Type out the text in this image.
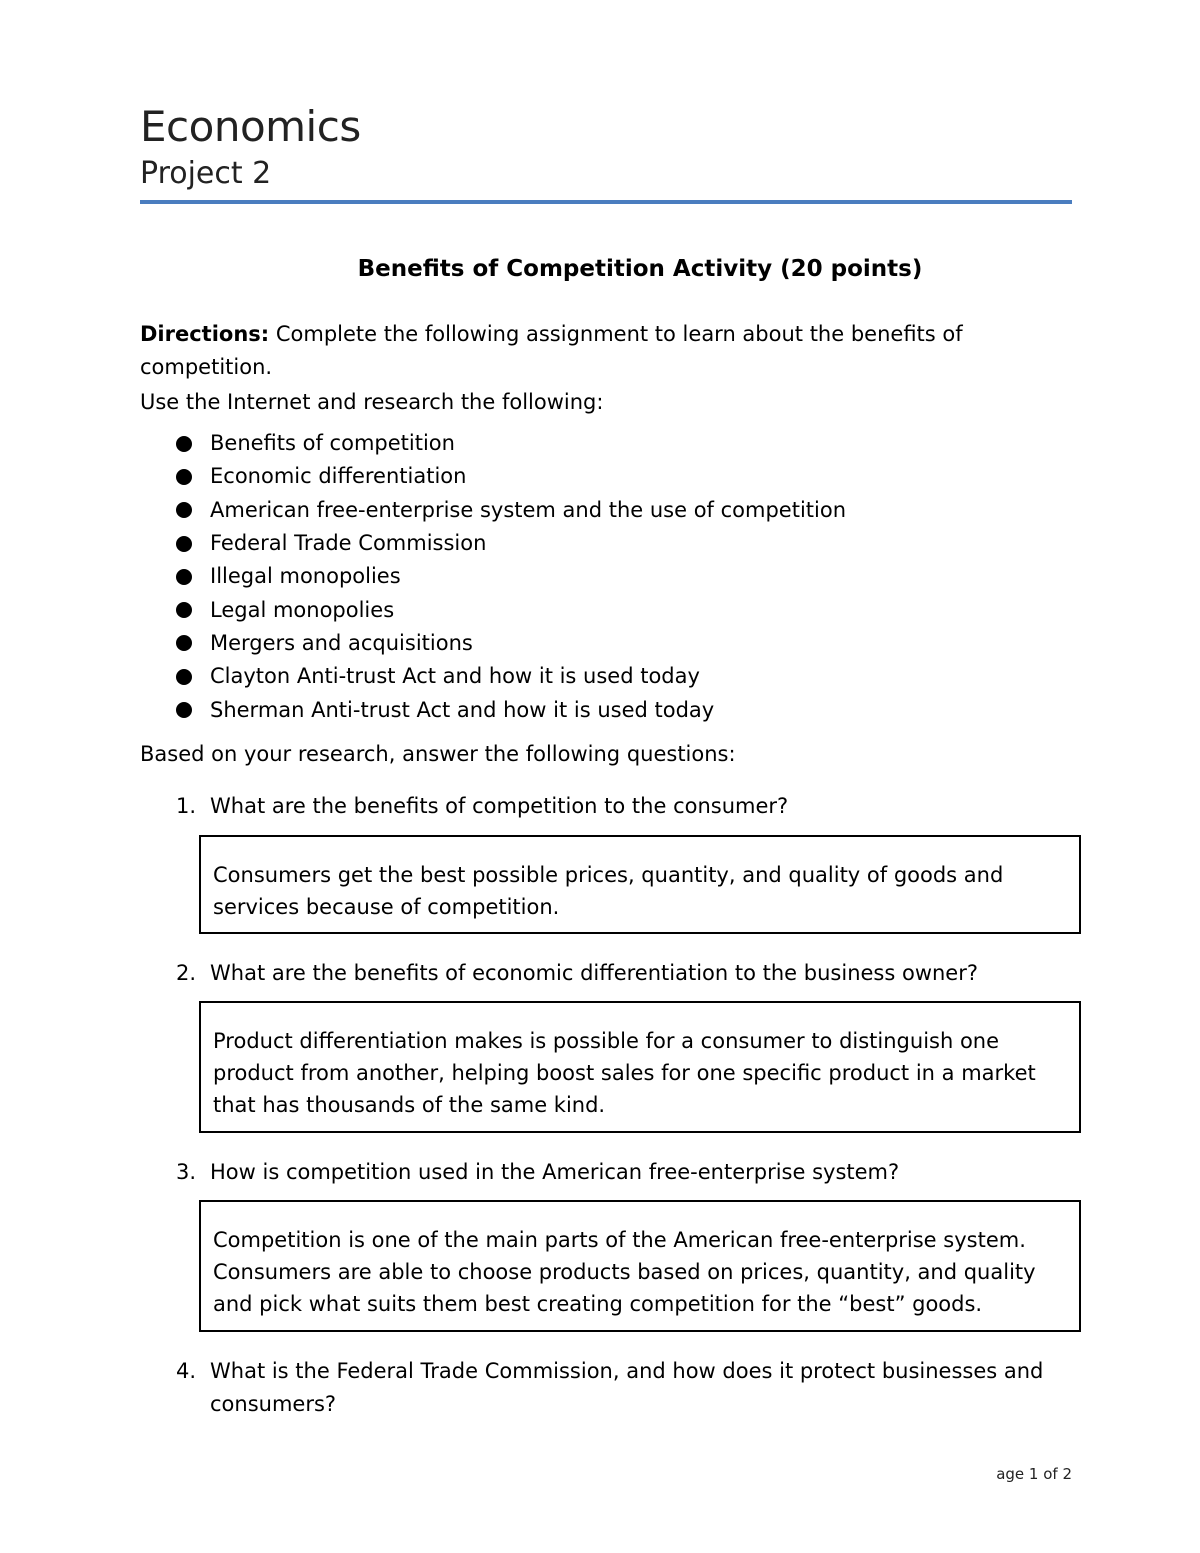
Economics
Project 2
Benefits of Competition Activity (20 points)
Directions: Complete the following assignment to learn about the benefits of competition.
Use the Internet and research the following:
Benefits of competition
Economic differentiation
American free-enterprise system and the use of competition
Federal Trade Commission
Illegal monopolies
Legal monopolies
Mergers and acquisitions
Clayton Anti-trust Act and how it is used today
Sherman Anti-trust Act and how it is used today
Based on your research, answer the following questions:
1. What are the benefits of competition to the consumer?
Consumers get the best possible prices, quantity, and quality of goods and services because of competition.
2. What are the benefits of economic differentiation to the business owner?
Product differentiation makes is possible for a consumer to distinguish one product from another, helping boost sales for one specific product in a market that has thousands of the same kind.
3. How is competition used in the American free-enterprise system?
Competition is one of the main parts of the American free-enterprise system. Consumers are able to choose products based on prices, quantity, and quality and pick what suits them best creating competition for the “best” goods.
4. What is the Federal Trade Commission, and how does it protect businesses and consumers?
age 1 of 2
